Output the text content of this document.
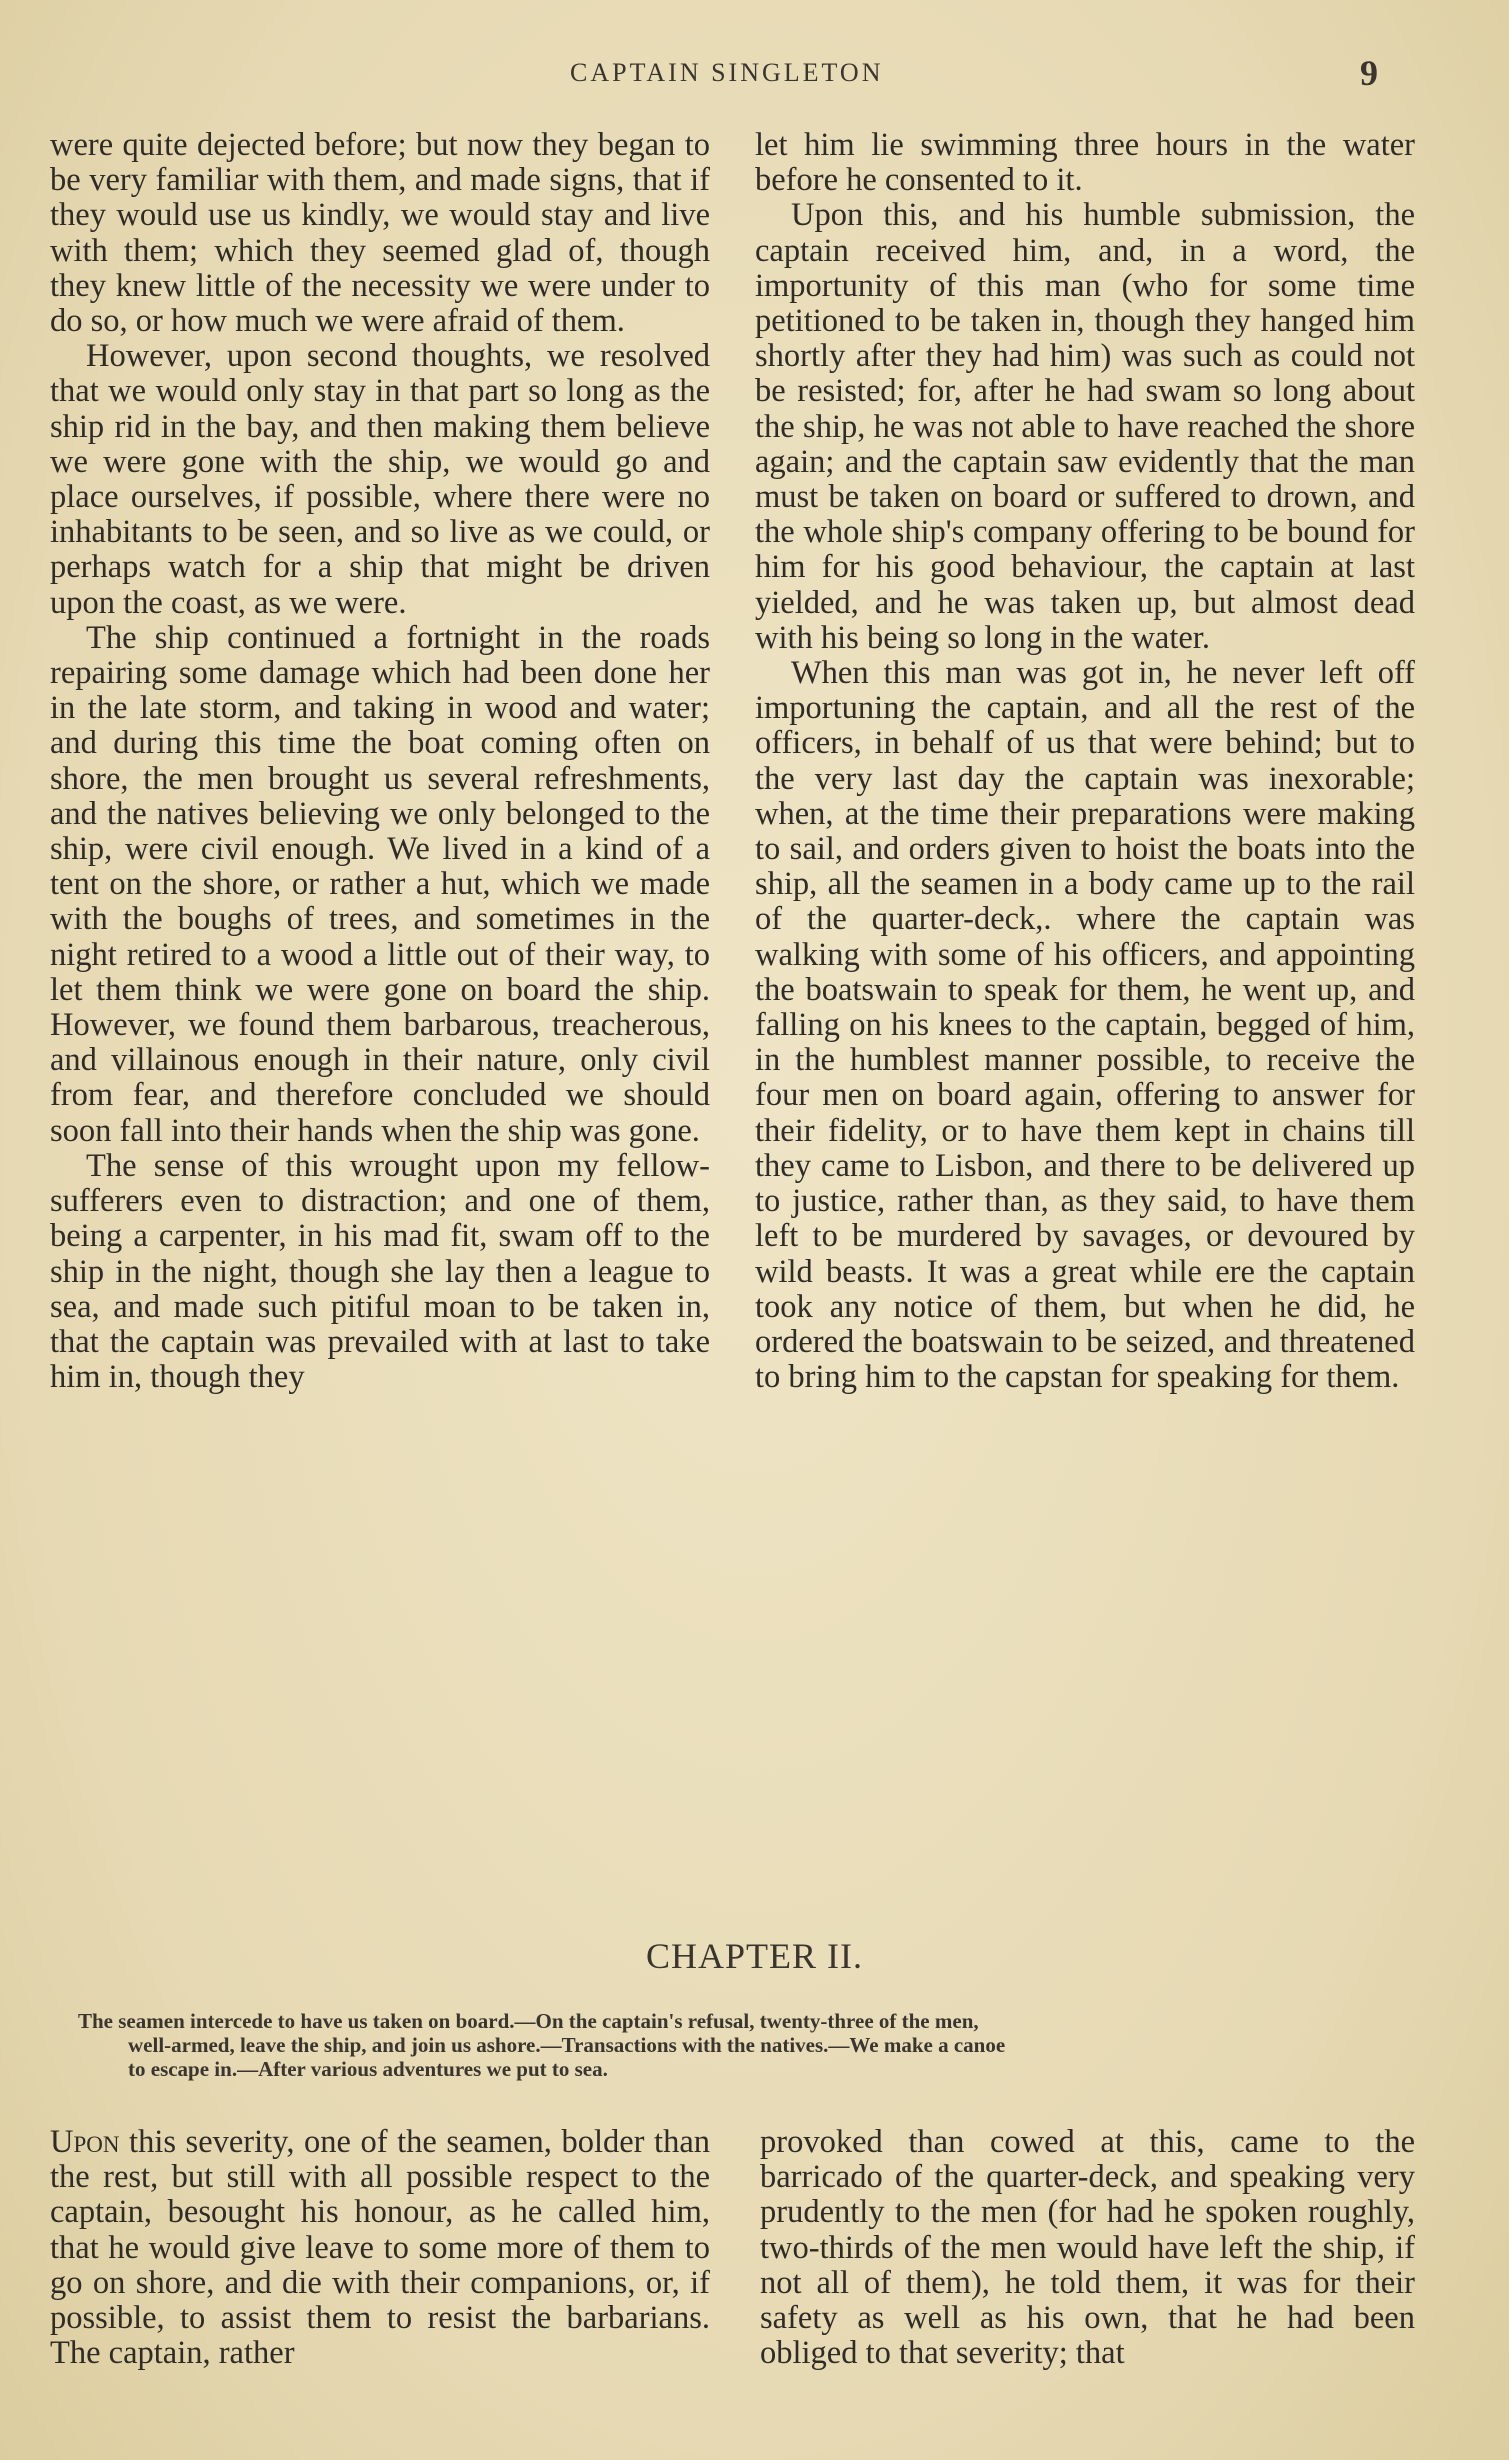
CAPTAIN SINGLETON	9

were quite dejected before; but now they began to be very familiar with them, and made signs, that if they would use us kindly, we would stay and live with them; which they seemed glad of, though they knew little of the necessity we were under to do so, or how much we were afraid of them.

However, upon second thoughts, we resolved that we would only stay in that part so long as the ship rid in the bay, and then making them believe we were gone with the ship, we would go and place ourselves, if possible, where there were no inhabitants to be seen, and so live as we could, or perhaps watch for a ship that might be driven upon the coast, as we were.

The ship continued a fortnight in the roads repairing some damage which had been done her in the late storm, and taking in wood and water; and during this time the boat coming often on shore, the men brought us several refreshments, and the natives believing we only belonged to the ship, were civil enough. We lived in a kind of a tent on the shore, or rather a hut, which we made with the boughs of trees, and sometimes in the night retired to a wood a little out of their way, to let them think we were gone on board the ship. However, we found them barbarous, treacherous, and villainous enough in their nature, only civil from fear, and therefore concluded we should soon fall into their hands when the ship was gone.

The sense of this wrought upon my fellow-sufferers even to distraction; and one of them, being a carpenter, in his mad fit, swam off to the ship in the night, though she lay then a league to sea, and made such pitiful moan to be taken in, that the captain was prevailed with at last to take him in, though they

let him lie swimming three hours in the water before he consented to it.

Upon this, and his humble submission, the captain received him, and, in a word, the importunity of this man (who for some time petitioned to be taken in, though they hanged him shortly after they had him) was such as could not be resisted; for, after he had swam so long about the ship, he was not able to have reached the shore again; and the captain saw evidently that the man must be taken on board or suffered to drown, and the whole ship's company offering to be bound for him for his good behaviour, the captain at last yielded, and he was taken up, but almost dead with his being so long in the water.

When this man was got in, he never left off importuning the captain, and all the rest of the officers, in behalf of us that were behind; but to the very last day the captain was inexorable; when, at the time their preparations were making to sail, and orders given to hoist the boats into the ship, all the seamen in a body came up to the rail of the quarter-deck,. where the captain was walking with some of his officers, and appointing the boatswain to speak for them, he went up, and falling on his knees to the captain, begged of him, in the humblest manner possible, to receive the four men on board again, offering to answer for their fidelity, or to have them kept in chains till they came to Lisbon, and there to be delivered up to justice, rather than, as they said, to have them left to be murdered by savages, or devoured by wild beasts. It was a great while ere the captain took any notice of them, but when he did, he ordered the boatswain to be seized, and threatened to bring him to the capstan for speaking for them.

CHAPTER II.
The seamen intercede to have us taken on board.—On the captain's refusal, twenty-three of the men,
well-armed, leave the ship, and join us ashore.—Transactions with the natives.—We make a canoe
to escape in.—After various adventures we put to sea.

Upon this severity, one of the seamen, bolder than the rest, but still with all possible respect to the captain, besought his honour, as he called him, that he would give leave to some more of them to go on shore, and die with their companions, or, if possible, to assist them to resist the barbarians. The captain, rather

provoked than cowed at this, came to the barricado of the quarter-deck, and speaking very prudently to the men (for had he spoken roughly, two-thirds of the men would have left the ship, if not all of them), he told them, it was for their safety as well as his own, that he had been obliged to that severity; that
